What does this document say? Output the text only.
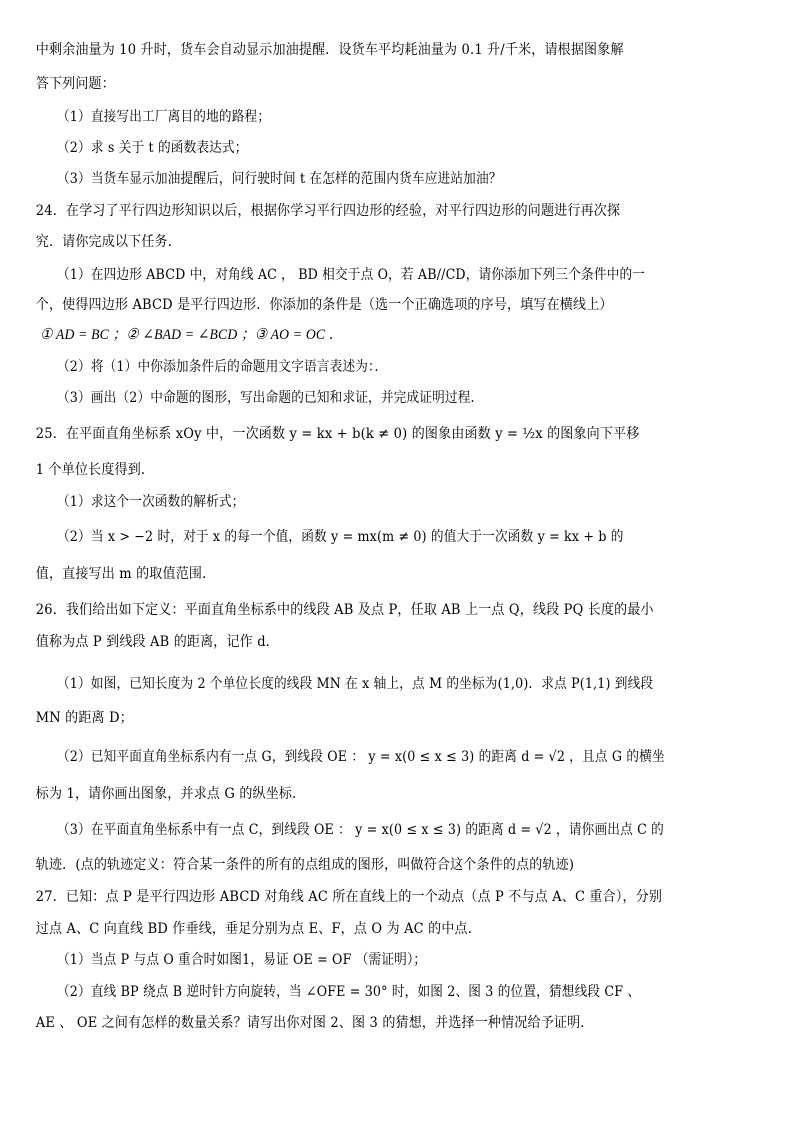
中剩余油量为 10 升时，货车会自动显示加油提醒．设货车平均耗油量为 0.1 升/千米，请根据图象解
答下列问题：
（1）直接写出工厂离目的地的路程；
（2）求 s 关于 t 的函数表达式；
（3）当货车显示加油提醒后，问行驶时间 t 在怎样的范围内货车应进站加油？
24．在学习了平行四边形知识以后，根据你学习平行四边形的经验，对平行四边形的问题进行再次探
究．请你完成以下任务．
（1）在四边形 ABCD 中，对角线 AC ， BD 相交于点 O，若 AB//CD，请你添加下列三个条件中的一
个，使得四边形 ABCD 是平行四边形．你添加的条件是（选一个正确选项的序号，填写在横线上）
① AD = BC ；② ∠BAD = ∠BCD ；③ AO = OC ．
（2）将（1）中你添加条件后的命题用文字语言表述为：．
（3）画出（2）中命题的图形，写出命题的已知和求证，并完成证明过程．
25．在平面直角坐标系 xOy 中，一次函数 y = kx + b(k ≠ 0) 的图象由函数 y = ½x 的图象向下平移
1 个单位长度得到．
（1）求这个一次函数的解析式；
（2）当 x > −2 时，对于 x 的每一个值，函数 y = mx(m ≠ 0) 的值大于一次函数 y = kx + b 的
值，直接写出 m 的取值范围．
26．我们给出如下定义：平面直角坐标系中的线段 AB 及点 P，任取 AB 上一点 Q，线段 PQ 长度的最小
值称为点 P 到线段 AB 的距离，记作 d．
（1）如图，已知长度为 2 个单位长度的线段 MN 在 x 轴上，点 M 的坐标为(1,0)．求点 P(1,1) 到线段
MN 的距离 D；
（2）已知平面直角坐标系内有一点 G，到线段 OE ： y = x(0 ≤ x ≤ 3) 的距离 d = √2 ，且点 G 的横坐
标为 1，请你画出图象，并求点 G 的纵坐标．
（3）在平面直角坐标系中有一点 C，到线段 OE ： y = x(0 ≤ x ≤ 3) 的距离 d = √2 ，请你画出点 C 的
轨迹．(点的轨迹定义：符合某一条件的所有的点组成的图形，叫做符合这个条件的点的轨迹)
27．已知：点 P 是平行四边形 ABCD 对角线 AC 所在直线上的一个动点（点 P 不与点 A、C 重合），分别
过点 A、C 向直线 BD 作垂线，垂足分别为点 E、F，点 O 为 AC 的中点．
（1）当点 P 与点 O 重合时如图1，易证 OE = OF （需证明）；
（2）直线 BP 绕点 B 逆时针方向旋转，当 ∠OFE = 30° 时，如图 2、图 3 的位置，猜想线段 CF 、
AE 、 OE 之间有怎样的数量关系？请写出你对图 2、图 3 的猜想，并选择一种情况给予证明．
